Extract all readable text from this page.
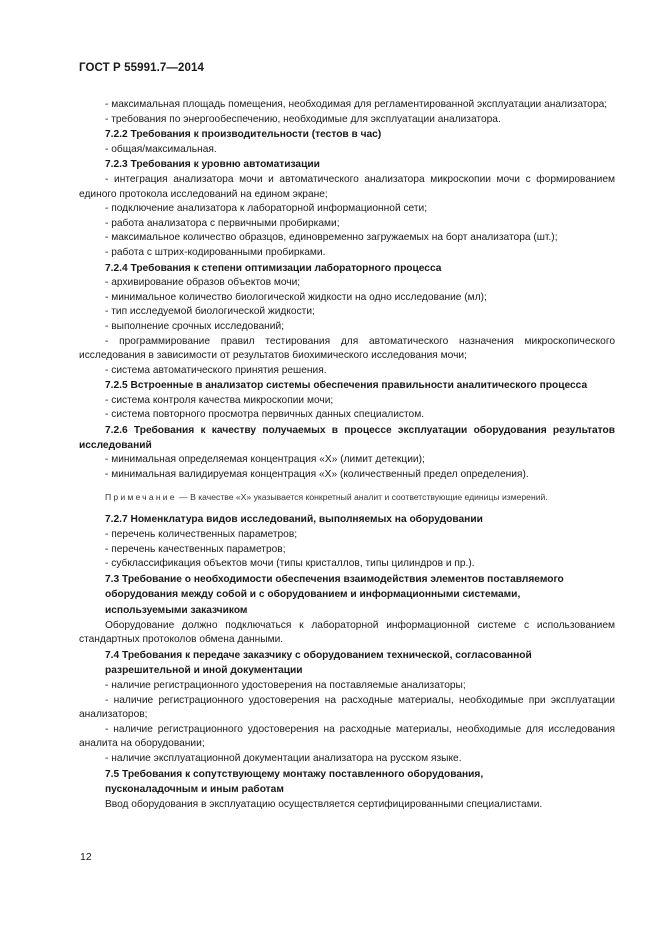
ГОСТ Р 55991.7—2014

- максимальная площадь помещения, необходимая для регламентированной эксплуатации анализатора;

- требования по энергообеспечению, необходимые для эксплуатации анализатора.

7.2.2 Требования к производительности (тестов в час)

- общая/максимальная.

7.2.3 Требования к уровню автоматизации

- интеграция анализатора мочи и автоматического анализатора микроскопии мочи с формированием единого протокола исследований на едином экране;

- подключение анализатора к лабораторной информационной сети;

- работа анализатора с первичными пробирками;

- максимальное количество образцов, единовременно загружаемых на борт анализатора (шт.);

- работа с штрих-кодированными пробирками.

7.2.4 Требования к степени оптимизации лабораторного процесса

- архивирование образов объектов мочи;

- минимальное количество биологической жидкости на одно исследование (мл);

- тип исследуемой биологической жидкости;

- выполнение срочных исследований;

- программирование правил тестирования для автоматического назначения микроскопического исследования в зависимости от результатов биохимического исследования мочи;

- система автоматического принятия решения.

7.2.5 Встроенные в анализатор системы обеспечения правильности аналитического процесса

- система контроля качества микроскопии мочи;

- система повторного просмотра первичных данных специалистом.

7.2.6 Требования к качеству получаемых в процессе эксплуатации оборудования результатов исследований

- минимальная определяемая концентрация «X» (лимит детекции);

- минимальная валидируемая концентрация «X» (количественный предел определения).

Примечание — В качестве «X» указывается конкретный аналит и соответствующие единицы измерений.

7.2.7 Номенклатура видов исследований, выполняемых на оборудовании

- перечень количественных параметров;

- перечень качественных параметров;

- субклассификация объектов мочи (типы кристаллов, типы цилиндров и пр.).

7.3 Требование о необходимости обеспечения взаимодействия элементов поставляемого

оборудования между собой и с оборудованием и информационными системами,

используемыми заказчиком

Оборудование должно подключаться к лабораторной информационной системе с использованием стандартных протоколов обмена данными.

7.4 Требования к передаче заказчику с оборудованием технической, согласованной

разрешительной и иной документации

- наличие регистрационного удостоверения на поставляемые анализаторы;

- наличие регистрационного удостоверения на расходные материалы, необходимые при эксплуатации анализаторов;

- наличие регистрационного удостоверения на расходные материалы, необходимые для исследования аналита на оборудовании;

- наличие эксплуатационной документации анализатора на русском языке.

7.5 Требования к сопутствующему монтажу поставленного оборудования,

пусконаладочным и иным работам

Ввод оборудования в эксплуатацию осуществляется сертифицированными специалистами.

12
